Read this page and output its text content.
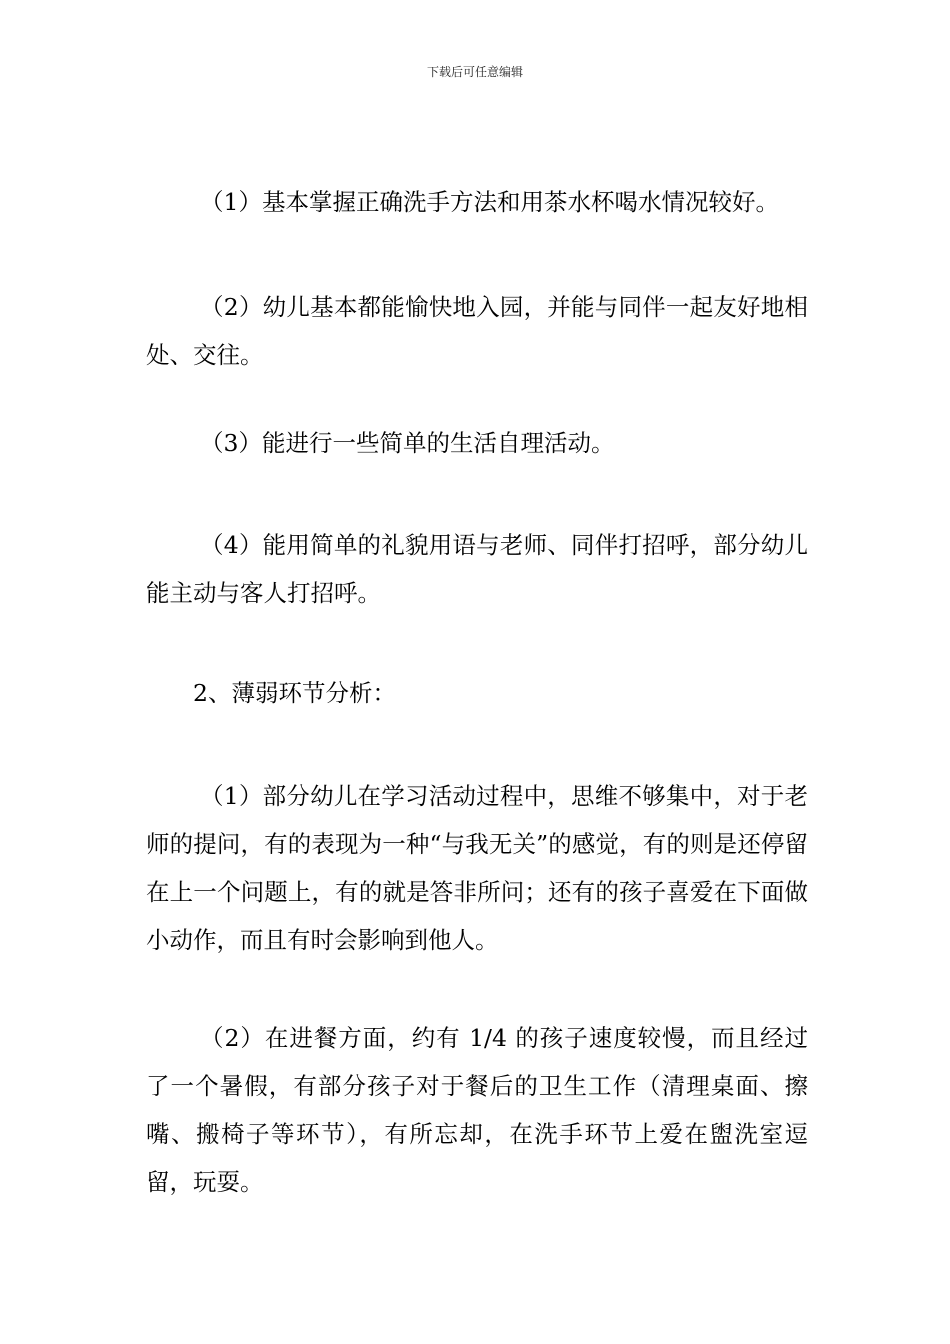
下载后可任意编辑

（1）基本掌握正确洗手方法和用茶水杯喝水情况较好。

（2）幼儿基本都能愉快地入园，并能与同伴一起友好地相处、交往。

（3）能进行一些简单的生活自理活动。

（4）能用简单的礼貌用语与老师、同伴打招呼，部分幼儿能主动与客人打招呼。

2、薄弱环节分析：

（1）部分幼儿在学习活动过程中，思维不够集中，对于老师的提问，有的表现为一种“与我无关”的感觉，有的则是还停留在上一个问题上，有的就是答非所问；还有的孩子喜爱在下面做小动作，而且有时会影响到他人。

（2）在进餐方面，约有 1/4 的孩子速度较慢，而且经过了一个暑假，有部分孩子对于餐后的卫生工作（清理桌面、擦嘴、搬椅子等环节），有所忘却，在洗手环节上爱在盥洗室逗留，玩耍。
